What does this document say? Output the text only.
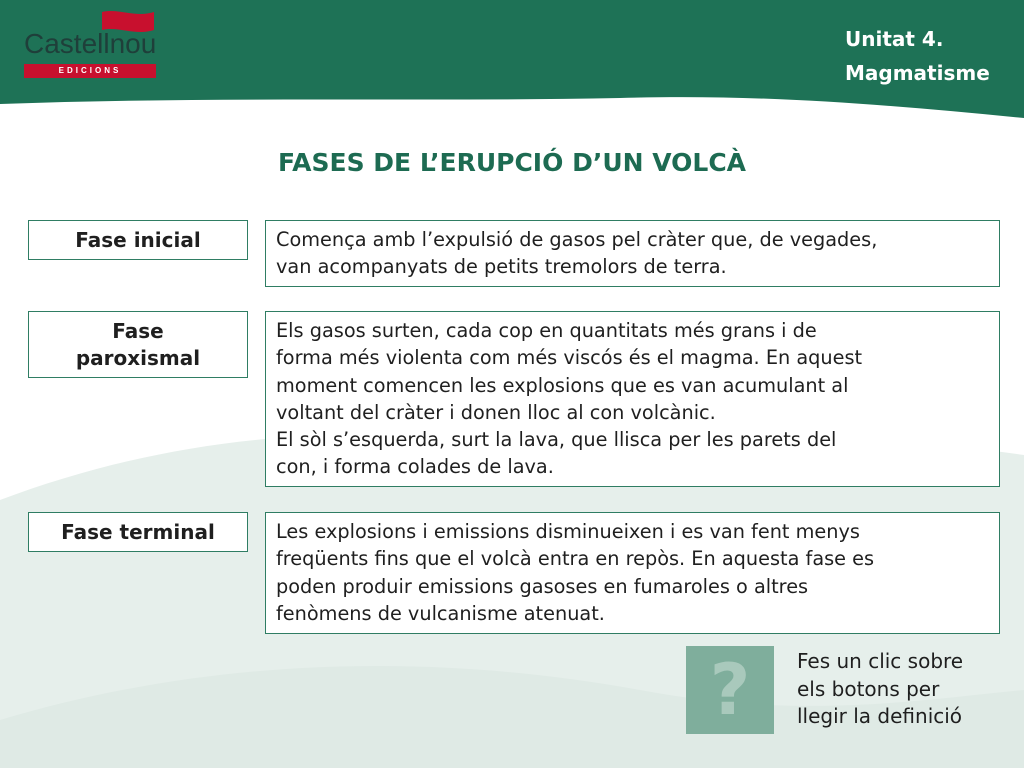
Castellnou
EDICIONS
Unitat 4.
Magmatisme
FASES DE L’ERUPCIÓ D’UN VOLCÀ
Fase inicial	Comença amb l’expulsió de gasos pel cràter que, de vegades,
van acompanyats de petits tremolors de terra.
Fase paroxismal
Els gasos surten, cada cop en quantitats més grans i de
forma més violenta com més viscós és el magma. En aquest
moment comencen les explosions que es van acumulant al
voltant del cràter i donen lloc al con volcànic.
El sòl s’esquerda, surt la lava, que llisca per les parets del
con, i forma colades de lava.
Fase terminal	Les explosions i emissions disminueixen i es van fent menys
freqüents fins que el volcà entra en repòs. En aquesta fase es
poden produir emissions gasoses en fumaroles o altres
fenòmens de vulcanisme atenuat.
? Fes un clic sobre
els botons per
llegir la definició
